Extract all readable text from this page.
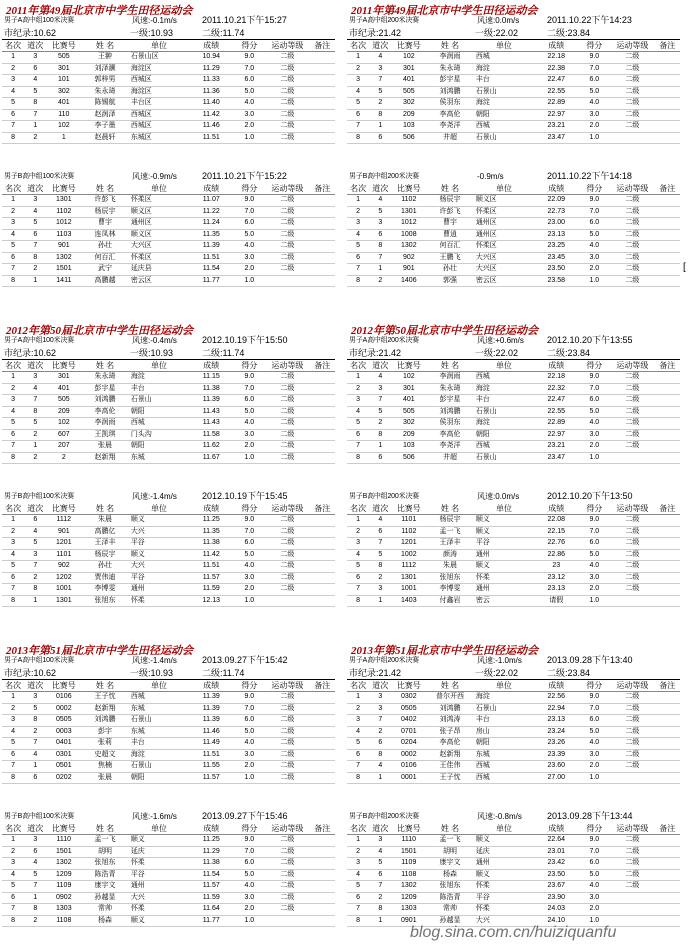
2011年第49届北京市中学生田径运动会
男子A高中组100米决赛	风速:-0.1m/s	2011.10.21下午15:27
市纪录:10.62	一级:10.93	二级:11.74
名次	道次	比赛号	姓 名	单位	成绩	得分	运动等级	备注
1	3	505	王翀	石景山区	10.94	9.0	二级	
2	6	301	刘泽灏	海淀区	11.29	7.0	二级	
3	4	101	郭梓男	西城区	11.33	6.0	二级	
4	5	302	朱永琦	海淀区	11.36	5.0	二级	
5	8	401	陈锡航	丰台区	11.40	4.0	二级	
6	7	110	赵润泽	西城区	11.42	3.0	二级	
7	1	102	李子墨	西城区	11.46	2.0	二级	
8	2	1	赵晨轩	东城区	11.51	1.0	二级	
男子B高中组100米决赛	风速:-0.9m/s	2011.10.21下午15:22
名次	道次	比赛号	姓 名	单位	成绩	得分	运动等级	备注
1	3	1301	许彭飞	怀柔区	11.07	9.0	二级	
2	4	1102	杨辰宇	顺义区	11.22	7.0	二级	
3	5	1012	曹宇	通州区	11.24	6.0	二级	
4	6	1103	连凤林	顺义区	11.35	5.0	二级	
5	7	901	孙壮	大兴区	11.39	4.0	二级	
6	8	1302	何百汇	怀柔区	11.51	3.0	二级	
7	2	1501	武宁	延庆县	11.54	2.0	二级	
8	1	1411	高鹏越	密云区	11.77	1.0		
2011年第49届北京市中学生田径运动会
男子A高中组200米决赛	风速:0.0m/s	2011.10.22下午14:23
市纪录:21.42	一级:22.02	二级:23.84
名次	道次	比赛号	姓 名	单位	成绩	得分	运动等级	备注
1	4	102	李润雨	西城	22.18	9.0	二级	
2	3	301	朱永琦	海淀	22.38	7.0	二级	
3	7	401	彭宇星	丰台	22.47	6.0	二级	
4	5	505	刘鸿鹏	石景山	22.55	5.0	二级	
5	2	302	侯羽东	海淀	22.89	4.0	二级	
6	8	209	李高伦	朝阳	22.97	3.0	二级	
7	1	103	李尧洋	西城	23.21	2.0	二级	
8	6	506	井超	石景山	23.47	1.0		
男子B高中组200米决赛	-0.9m/s	2011.10.22下午14:18
名次	道次	比赛号	姓 名	单位	成绩	得分	运动等级	备注
1	4	1102	杨辰宇	顺义区	22.09	9.0	二级	
2	5	1301	许彭飞	怀柔区	22.73	7.0	二级	
3	3	1012	曹宇	通州区	23.00	6.0	二级	
4	6	1008	曹逍	通州区	23.13	5.0	二级	
5	8	1302	何百汇	怀柔区	23.25	4.0	二级	
6	7	902	王鹏飞	大兴区	23.45	3.0	二级	
7	1	901	孙壮	大兴区	23.50	2.0	二级	
8	2	1406	郭强	密云区	23.58	1.0	二级	
2012年第50届北京市中学生田径运动会
男子A高中组100米决赛	风速:-0.4m/s	2012.10.19下午15:50
市纪录:10.62	一级:10.93	二级:11.74
名次	道次	比赛号	姓 名	单位	成绩	得分	运动等级	备注
1	3	301	朱永琦	海淀	11.15	9.0	二级	
2	4	401	彭宇星	丰台	11.38	7.0	二级	
3	7	505	刘鸿鹏	石景山	11.39	6.0	二级	
4	8	209	李高伦	朝阳	11.43	5.0	二级	
5	5	102	李润雨	西城	11.43	4.0	二级	
6	2	607	王凯琪	门头沟	11.58	3.0	二级	
7	1	207	张晨	朝阳	11.62	2.0	二级	
8	2	2	赵新翔	东城	11.67	1.0	二级	
男子B高中组100米决赛	风速:-1.4m/s	2012.10.19下午15:45
名次	道次	比赛号	姓 名	单位	成绩	得分	运动等级	备注
1	6	1112	朱晨	顺义	11.25	9.0	二级	
2	4	901	高鹏亿	大兴	11.35	7.0	二级	
3	5	1201	王泽丰	平谷	11.38	6.0	二级	
4	3	1101	杨辰宇	顺义	11.42	5.0	二级	
5	7	902	孙壮	大兴	11.51	4.0	二级	
6	2	1202	贾伟迪	平谷	11.57	3.0	二级	
7	8	1001	李博雯	通州	11.59	2.0	二级	
8	1	1301	张旭东	怀柔	12.13	1.0		
2012年第50届北京市中学生田径运动会
男子A高中组200米决赛	风速:+0.6m/s	2012.10.20下午13:55
市纪录:21.42	一级:22.02	二级:23.84
名次	道次	比赛号	姓 名	单位	成绩	得分	运动等级	备注
1	4	102	李润雨	西城	22.18	9.0	二级	
2	3	301	朱永琦	海淀	22.32	7.0	二级	
3	7	401	彭宇星	丰台	22.47	6.0	二级	
4	5	505	刘鸿鹏	石景山	22.55	5.0	二级	
5	2	302	侯羽东	海淀	22.89	4.0	二级	
6	8	209	李高伦	朝阳	22.97	3.0	二级	
7	1	103	李尧洋	西城	23.21	2.0	二级	
8	6	506	井超	石景山	23.47	1.0		
男子B高中组200米决赛	风速:0.0m/s	2012.10.20下午13:50
名次	道次	比赛号	姓 名	单位	成绩	得分	运动等级	备注
1	4	1101	杨辰宇	顺义	22.08	9.0	二级	
2	6	1102	孟一飞	顺义	22.15	7.0	二级	
3	7	1201	王泽丰	平谷	22.76	6.0	二级	
4	5	1002	颜涛	通州	22.86	5.0	二级	
5	8	1112	朱晨	顺义	23	4.0	二级	
6	2	1301	张旭东	怀柔	23.12	3.0	二级	
7	3	1001	李博雯	通州	23.13	2.0	二级	
8	1	1403	付鑫岩	密云	请假	1.0		
2013年第51届北京市中学生田径运动会
男子A高中组100米决赛	风速:-1.4m/s	2013.09.27下午15:42
市纪录:10.62	一级:10.93	二级:11.74
名次	道次	比赛号	姓 名	单位	成绩	得分	运动等级	备注
1	3	0106	王子忱	西城	11.39	9.0	二级	
2	5	0002	赵新翔	东城	11.39	7.0	二级	
3	8	0505	刘鸿鹏	石景山	11.39	6.0	二级	
4	2	0003	彭宇	东城	11.46	5.0	二级	
5	7	0401	张莉	丰台	11.49	4.0	二级	
6	4	0301	史超文	海淀	11.51	3.0	二级	
7	1	0501	焦楠	石景山	11.55	2.0	二级	
8	6	0202	张晨	朝阳	11.57	1.0	二级	
男子B高中组100米决赛	风速:-1.6m/s	2013.09.27下午15:46
名次	道次	比赛号	姓 名	单位	成绩	得分	运动等级	备注
1	3	1110	孟一飞	顺义	11.25	9.0	二级	
2	6	1501	胡明	延庆	11.29	7.0	二级	
3	4	1302	张旭东	怀柔	11.38	6.0	二级	
4	5	1209	陈浩青	平谷	11.54	5.0	二级	
5	7	1109	康宇文	通州	11.57	4.0	二级	
6	1	0902	孙越显	大兴	11.59	3.0	二级	
7	8	1303	常帅	怀柔	11.64	2.0	二级	
8	2	1108	杨森	顺义	11.77	1.0		
2013年第51届北京市中学生田径运动会
男子A高中组200米决赛	风速:-1.0m/s	2013.09.28下午13:40
市纪录:21.42	一级:22.02	二级:23.84
名次	道次	比赛号	姓 名	单位	成绩	得分	运动等级	备注
1	3	0302	普尔开西	海淀	22.56	9.0	二级	
2	3	0505	刘鸿鹏	石景山	22.94	7.0	二级	
3	7	0402	刘鸿涛	丰台	23.13	6.0	二级	
4	2	0701	张子昂	房山	23.24	5.0	二级	
5	6	0204	李高伦	朝阳	23.26	4.0	二级	
6	8	0002	赵新翔	东城	23.39	3.0	二级	
7	4	0106	王佳伟	西城	23.60	2.0	二级	
8	1	0001	王子忱	西城	27.00	1.0		
男子B高中组200米决赛	风速:-0.8m/s	2013.09.28下午13:44
名次	道次	比赛号	姓 名	单位	成绩	得分	运动等级	备注
1	3	1110	孟一飞	顺义	22.64	9.0	二级	
2	4	1501	胡明	延庆	23.01	7.0	二级	
3	5	1109	康宇文	通州	23.42	6.0	二级	
4	6	1108	杨森	顺义	23.50	5.0	二级	
5	7	1302	张旭东	怀柔	23.67	4.0	二级	
6	2	1209	陈浩青	平谷	23.90	3.0		
7	8	1303	常帅	怀柔	24.03	2.0		
8	1	0901	孙越显	大兴	24.10	1.0		
[
blog.sina.com.cn/huiziquanfu
